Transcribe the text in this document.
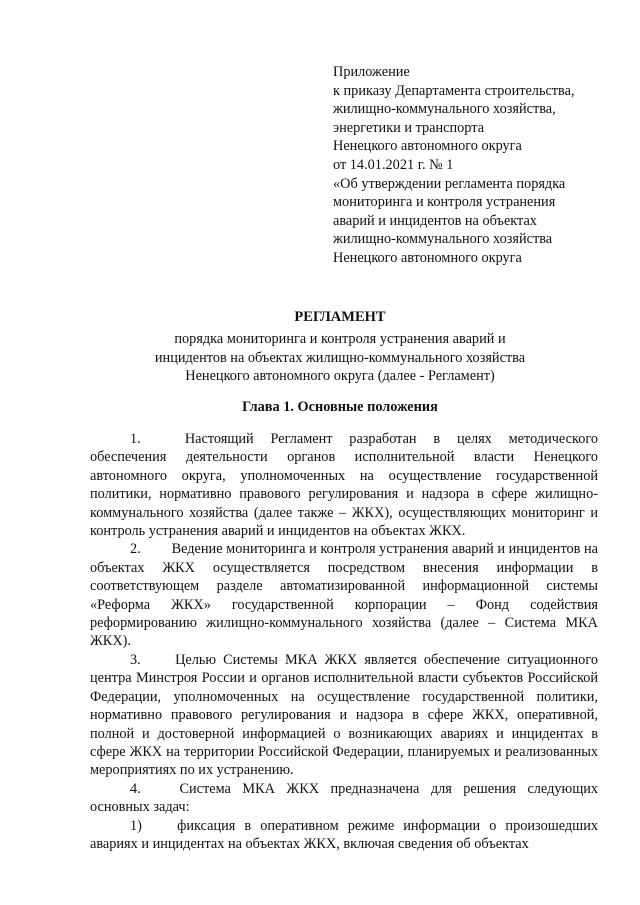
Приложение
к приказу Департамента строительства,
жилищно-коммунального хозяйства,
энергетики и транспорта
Ненецкого автономного округа
от 14.01.2021 г. № 1
«Об утверждении регламента порядка
мониторинга и контроля устранения
аварий и инцидентов на объектах
жилищно-коммунального хозяйства
Ненецкого автономного округа
РЕГЛАМЕНТ
порядка мониторинга и контроля устранения аварий и
инцидентов на объектах жилищно-коммунального хозяйства
Ненецкого автономного округа (далее - Регламент)
Глава 1. Основные положения

1.	Настоящий Регламент разработан в целях методического обеспечения деятельности органов исполнительной власти Ненецкого автономного округа, уполномоченных на осуществление государственной политики, нормативно правового регулирования и надзора в сфере жилищно-коммунального хозяйства (далее также – ЖКХ), осуществляющих мониторинг и контроль устранения аварий и инцидентов на объектах ЖКХ.

2. Ведение мониторинга и контроля устранения аварий и инцидентов на объектах ЖКХ осуществляется посредством внесения информации в соответствующем разделе автоматизированной информационной системы «Реформа ЖКХ» государственной корпорации – Фонд содействия реформированию жилищно-коммунального хозяйства (далее – Система МКА ЖКХ).

3. Целью Системы МКА ЖКХ является обеспечение ситуационного центра Минстроя России и органов исполнительной власти субъектов Российской Федерации, уполномоченных на осуществление государственной политики, нормативно правового регулирования и надзора в сфере ЖКХ, оперативной, полной и достоверной информацией о возникающих авариях и инцидентах в сфере ЖКХ на территории Российской Федерации, планируемых и реализованных мероприятиях по их устранению.

4.	Система МКА ЖКХ предназначена для решения следующих основных задач:

1) фиксация в оперативном режиме информации о произошедших авариях и инцидентах на объектах ЖКХ, включая сведения об объектах
